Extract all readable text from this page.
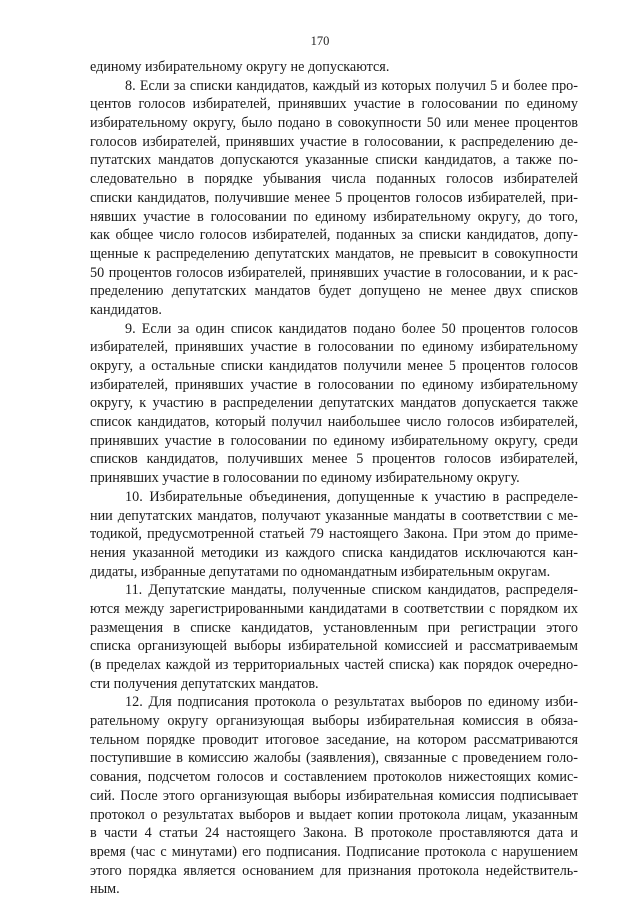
170
единому избирательному округу не допускаются.
8. Если за списки кандидатов, каждый из которых получил 5 и более про-
центов голосов избирателей, принявших участие в голосовании по единому
избирательному округу, было подано в совокупности 50 или менее процентов
голосов избирателей, принявших участие в голосовании, к распределению де-
путатских мандатов допускаются указанные списки кандидатов, а также по-
следовательно в порядке убывания числа поданных голосов избирателей
списки кандидатов, получившие менее 5 процентов голосов избирателей, при-
нявших участие в голосовании по единому избирательному округу, до того,
как общее число голосов избирателей, поданных за списки кандидатов, допу-
щенные к распределению депутатских мандатов, не превысит в совокупности
50 процентов голосов избирателей, принявших участие в голосовании, и к рас-
пределению депутатских мандатов будет допущено не менее двух списков
кандидатов.
9. Если за один список кандидатов подано более 50 процентов голосов
избирателей, принявших участие в голосовании по единому избирательному
округу, а остальные списки кандидатов получили менее 5 процентов голосов
избирателей, принявших участие в голосовании по единому избирательному
округу, к участию в распределении депутатских мандатов допускается также
список кандидатов, который получил наибольшее число голосов избирателей,
принявших участие в голосовании по единому избирательному округу, среди
списков кандидатов, получивших менее 5 процентов голосов избирателей,
принявших участие в голосовании по единому избирательному округу.
10. Избирательные объединения, допущенные к участию в распределе-
нии депутатских мандатов, получают указанные мандаты в соответствии с ме-
тодикой, предусмотренной статьей 79 настоящего Закона. При этом до приме-
нения указанной методики из каждого списка кандидатов исключаются кан-
дидаты, избранные депутатами по одномандатным избирательным округам.
11. Депутатские мандаты, полученные списком кандидатов, распределя-
ются между зарегистрированными кандидатами в соответствии с порядком их
размещения в списке кандидатов, установленным при регистрации этого
списка организующей выборы избирательной комиссией и рассматриваемым
(в пределах каждой из территориальных частей списка) как порядок очередно-
сти получения депутатских мандатов.
12. Для подписания протокола о результатах выборов по единому изби-
рательному округу организующая выборы избирательная комиссия в обяза-
тельном порядке проводит итоговое заседание, на котором рассматриваются
поступившие в комиссию жалобы (заявления), связанные с проведением голо-
сования, подсчетом голосов и составлением протоколов нижестоящих комис-
сий. После этого организующая выборы избирательная комиссия подписывает
протокол о результатах выборов и выдает копии протокола лицам, указанным
в части 4 статьи 24 настоящего Закона. В протоколе проставляются дата и
время (час с минутами) его подписания. Подписание протокола с нарушением
этого порядка является основанием для признания протокола недействитель-
ным.
